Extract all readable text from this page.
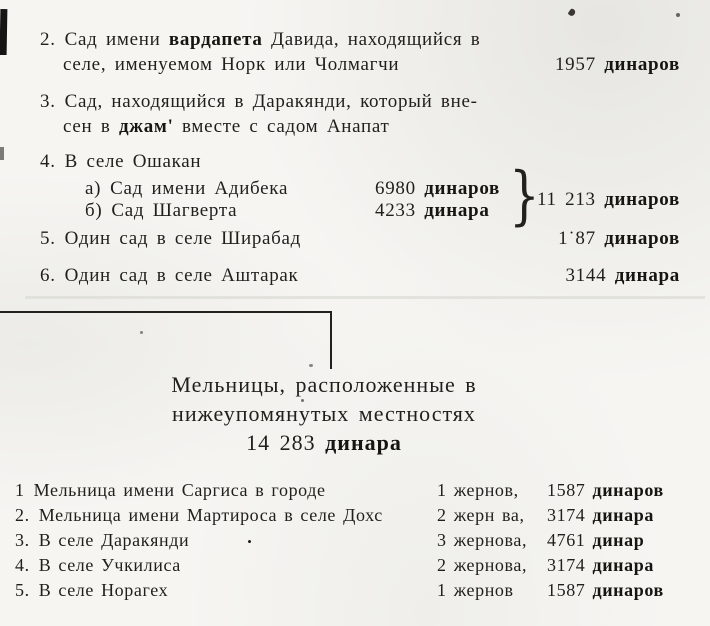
2. Сад имени вардапета Давида, находящийся в
селе, именуемом Норк или Чолмагчи	1957 динаров
3. Сад, находящийся в Даракянди, который вне-
сен в джам' вместе с садом Анапат
4. В селе Ошакан
а) Сад имени Адибека	6980 динаров
б) Сад Шагверта	4233 динара }
11 213 динаров
5. Один сад в селе Ширабад	1˙87 динаров
6. Один сад в селе Аштарак	3144 динара
Мельницы, расположенные в
нижеупомянутых местностях
14 283 динара
1 Мельница имени Саргиса в городе	1 жернов, 1587 динаров
2. Мельница имени Мартироса в селе Дохс	2 жерн ва, 3174 динара
3. В селе Даракянди	•	3 жернова, 4761 динар
4. В селе Учкилиса	2 жернова, 3174 динара
5. В селе Норагех	1 жернов 1587 динаров
